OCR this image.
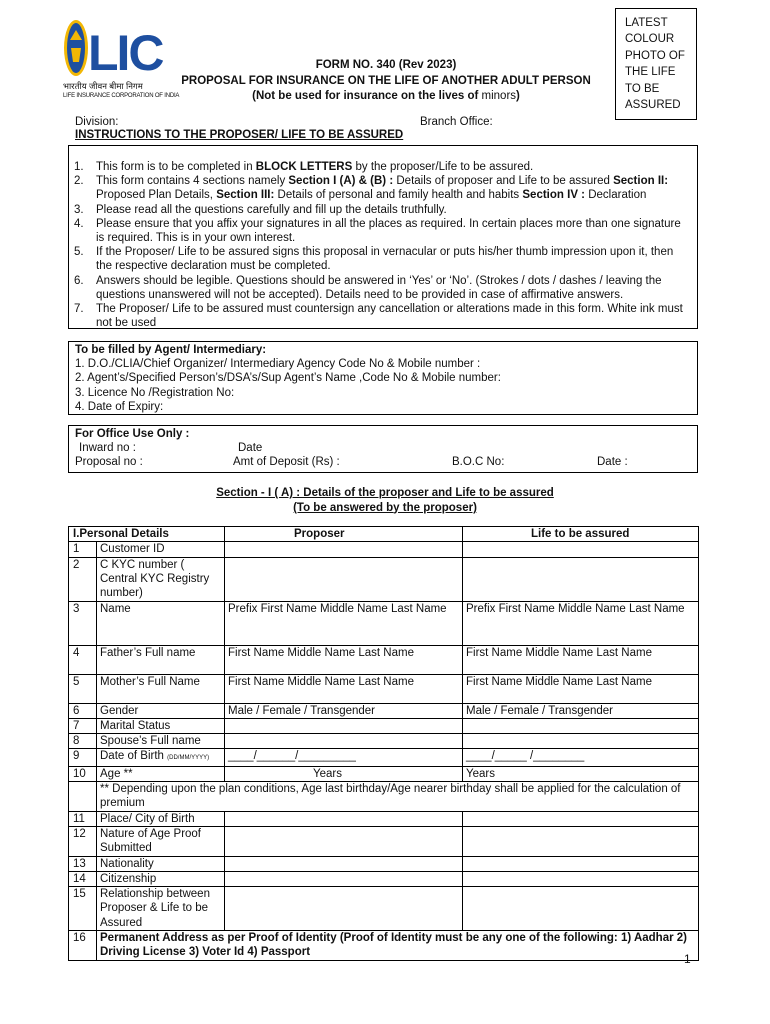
LIC
भारतीय जीवन बीमा निगम
LIFE INSURANCE CORPORATION OF INDIA
FORM NO. 340 (Rev 2023)
PROPOSAL FOR INSURANCE ON THE LIFE OF ANOTHER ADULT PERSON
(Not be used for insurance on the lives of minors)
LATEST
COLOUR
PHOTO OF
THE LIFE
TO BE
ASSURED
Division:	Branch Office:
INSTRUCTIONS TO THE PROPOSER/ LIFE TO BE ASSURED
1.	This form is to be completed in BLOCK LETTERS by the proposer/Life to be assured.
2.	This form contains 4 sections namely Section I (A) & (B) : Details of proposer and Life to be assured Section II: Proposed Plan Details, Section III: Details of personal and family health and habits Section IV : Declaration
3.	Please read all the questions carefully and fill up the details truthfully.
4.	Please ensure that you affix your signatures in all the places as required. In certain places more than one signature is required. This is in your own interest.
5.	If the Proposer/ Life to be assured signs this proposal in vernacular or puts his/her thumb impression upon it, then the respective declaration must be completed.
6.	Answers should be legible. Questions should be answered in ‘Yes’ or ‘No’. (Strokes / dots / dashes / leaving the questions unanswered will not be accepted). Details need to be provided in case of affirmative answers.
7.	The Proposer/ Life to be assured must countersign any cancellation or alterations made in this form. White ink must not be used
To be filled by Agent/ Intermediary:
1. D.O./CLIA/Chief Organizer/ Intermediary Agency Code No & Mobile number :
2. Agent’s/Specified Person’s/DSA’s/Sup Agent’s Name ,Code No & Mobile number:
3. Licence No /Registration No:
4. Date of Expiry:
For Office Use Only :
Inward no :	Date
Proposal no :	Amt of Deposit (Rs) :	B.O.C No:	Date :
Section - I ( A) : Details of the proposer and Life to be assured
(To be answered by the proposer)
I.Personal Details		Proposer	Life to be assured
1	Customer ID		
2	C KYC number ( Central KYC Registry number)		
3	Name	Prefix First Name Middle Name Last Name	Prefix First Name Middle Name Last Name
4	Father’s Full name	First Name Middle Name Last Name	First Name Middle Name Last Name
5	Mother’s Full Name	First Name Middle Name Last Name	First Name Middle Name Last Name
6	Gender	Male / Female / Transgender	Male / Female / Transgender
7	Marital Status		
8	Spouse’s Full name		
9	Date of Birth (DD/MM/YYYY)	____/______/_________	____/_____ /________
10	Age **	Years	Years
	** Depending upon the plan conditions, Age last birthday/Age nearer birthday shall be applied for the calculation of premium		
11	Place/ City of Birth		
12	Nature of Age Proof Submitted		
13	Nationality		
14	Citizenship		
15	Relationship between Proposer & Life to be Assured		
16	Permanent Address as per Proof of Identity (Proof of Identity must be any one of the following: 1) Aadhar 2) Driving License 3) Voter Id 4) Passport			1
